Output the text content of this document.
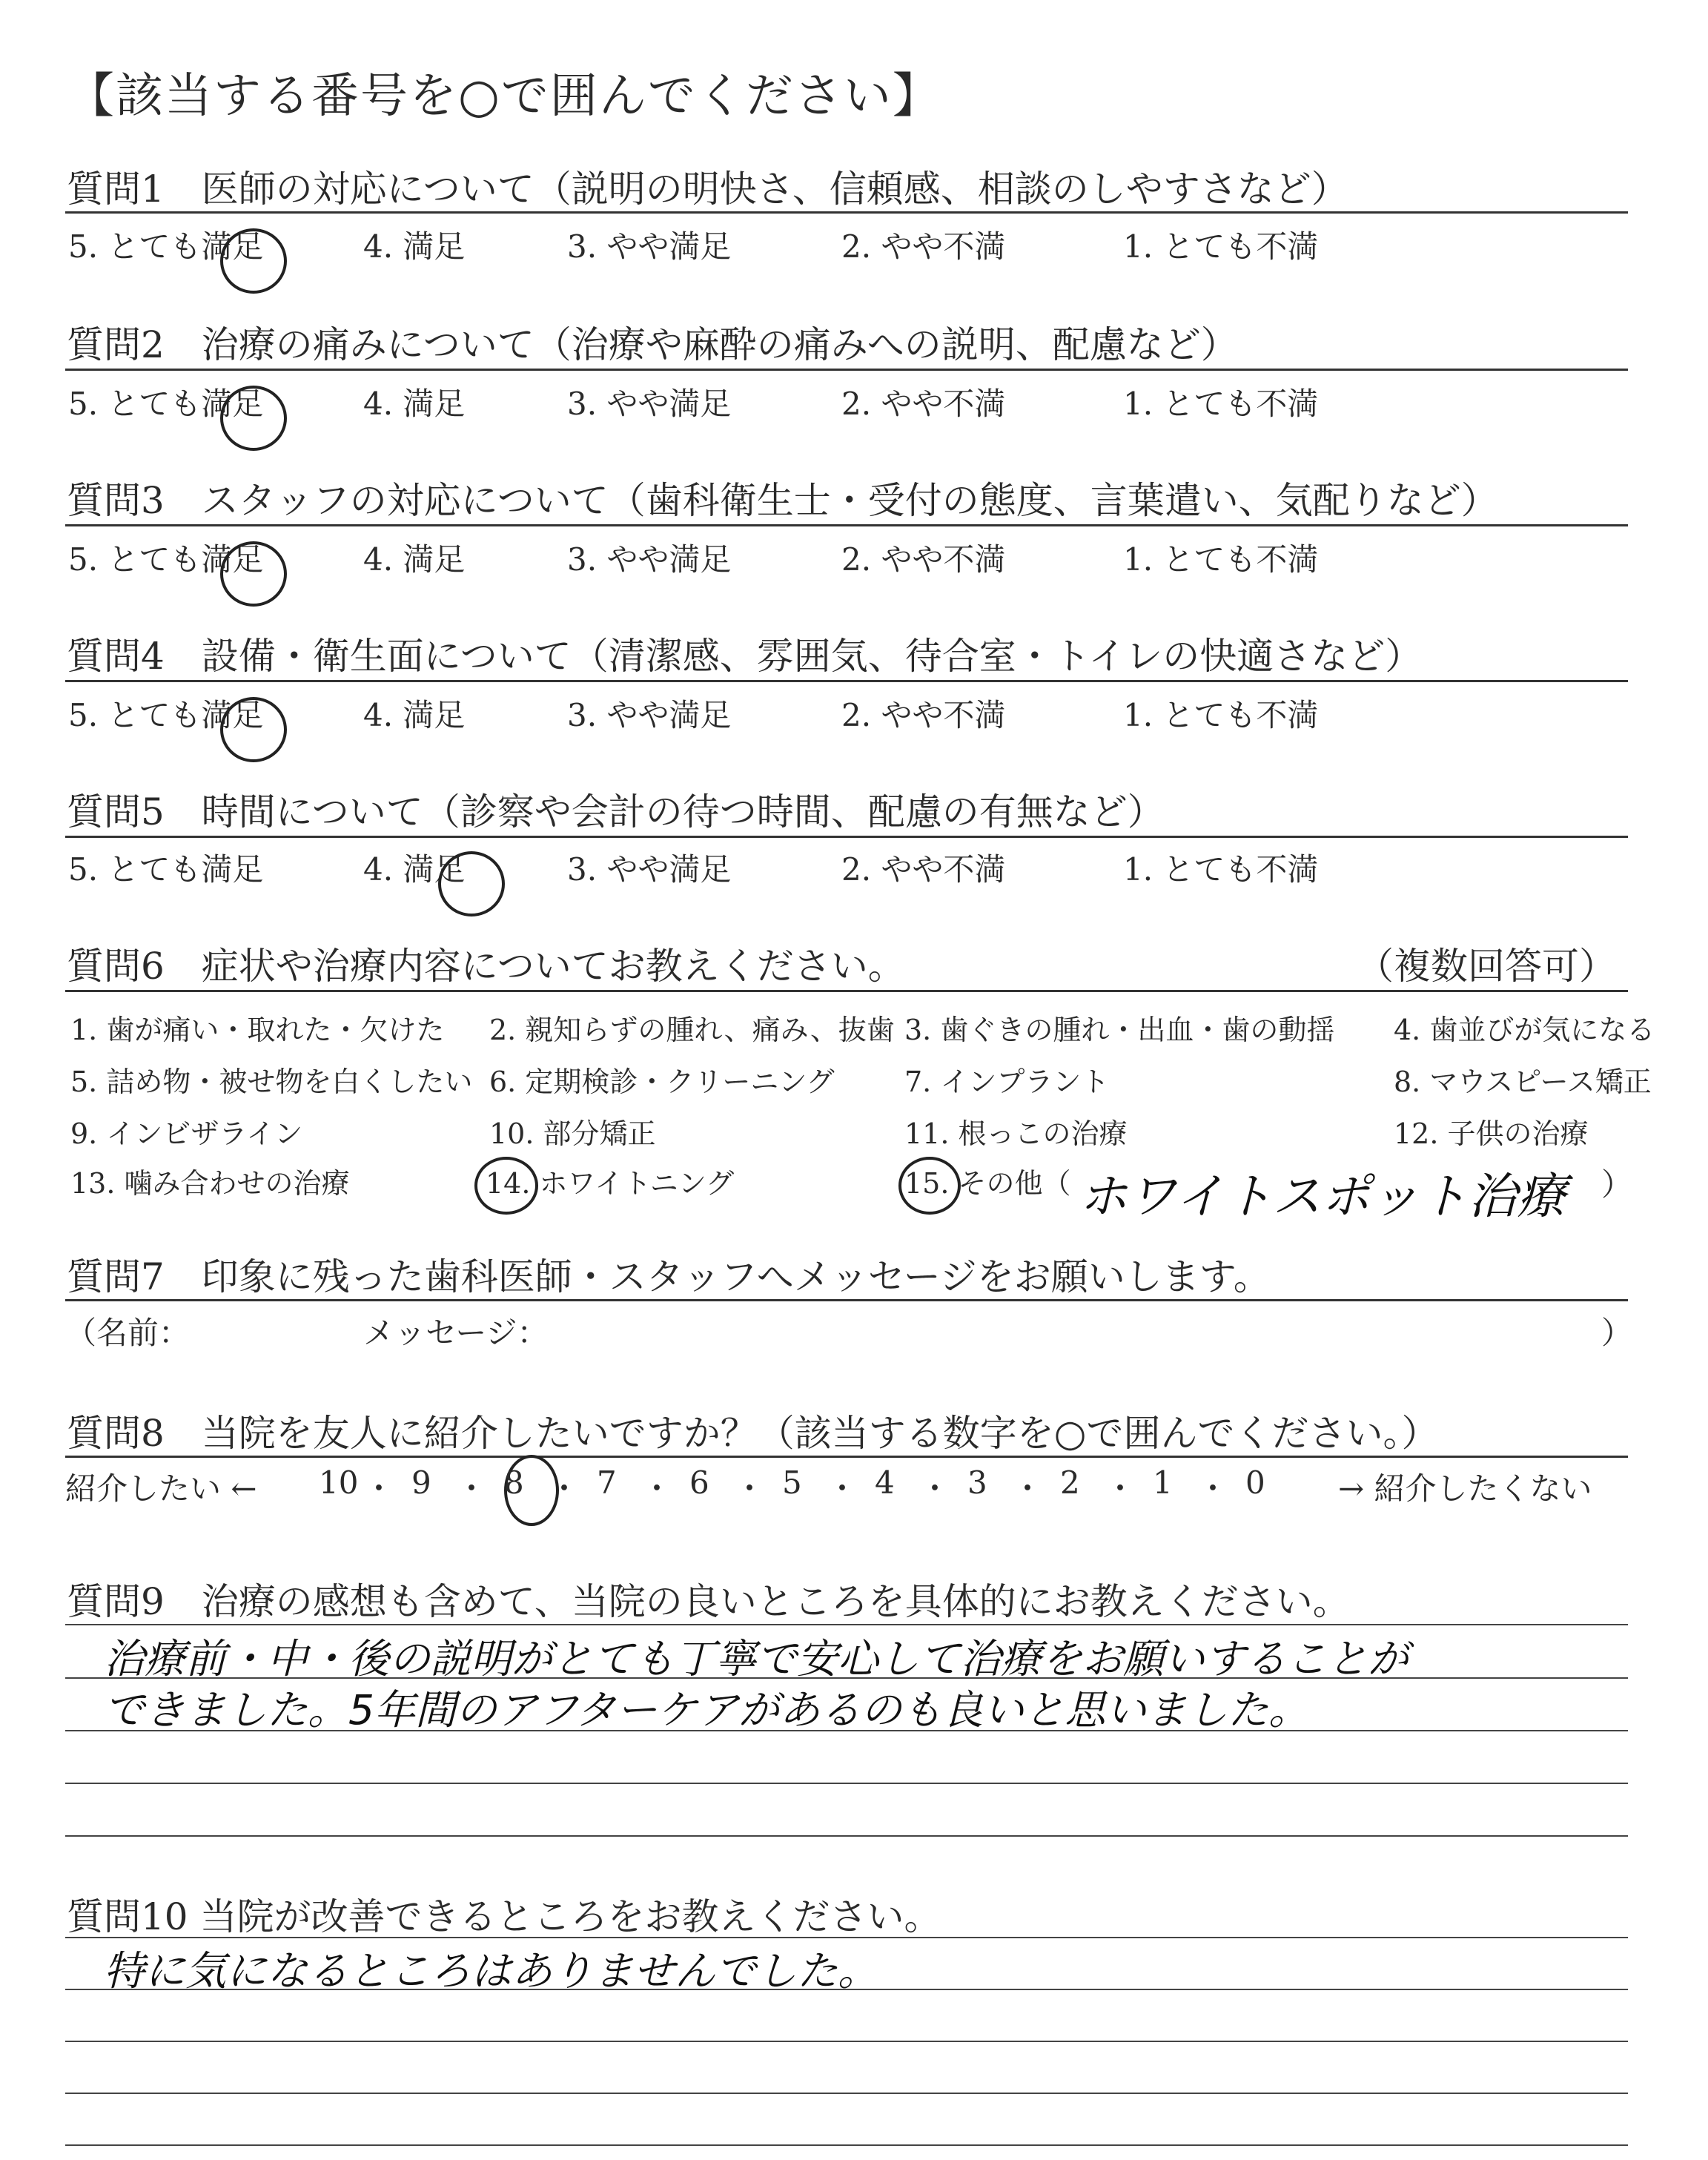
【該当する番号を○で囲んでください】
質問1　医師の対応について（説明の明快さ、信頼感、相談のしやすさなど）
質問2　治療の痛みについて（治療や麻酔の痛みへの説明、配慮など）
質問3　スタッフの対応について（歯科衛生士・受付の態度、言葉遣い、気配りなど）
質問4　設備・衛生面について（清潔感、雰囲気、待合室・トイレの快適さなど）
質問5　時間について（診察や会計の待つ時間、配慮の有無など）
質問6　症状や治療内容についてお教えください。	（複数回答可）
ホワイトスポット治療 ）
質問7　印象に残った歯科医師・スタッフへメッセージをお願いします。
（名前：	メッセージ：	）
質問8　当院を友人に紹介したいですか？（該当する数字を○で囲んでください。）
紹介したい ←	→ 紹介したくない
質問9　治療の感想も含めて、当院の良いところを具体的にお教えください。
治療前・中・後の説明がとても丁寧で安心して治療をお願いすることが
できました。5年間のアフターケアがあるのも良いと思いました。
質問10 当院が改善できるところをお教えください。
特に気になるところはありませんでした。
5. とても満足	4. 満足	3. やや満足	2. やや不満	1. とても不満
5. とても満足	4. 満足	3. やや満足	2. やや不満	1. とても不満
5. とても満足	4. 満足	3. やや満足	2. やや不満	1. とても不満
5. とても満足	4. 満足	3. やや満足	2. やや不満	1. とても不満
5. とても満足	4. 満足	3. やや満足	2. やや不満	1. とても不満
1. 歯が痛い・取れた・欠けた 2. 親知らずの腫れ、痛み、抜歯 3. 歯ぐきの腫れ・出血・歯の動揺 4. 歯並びが気になる
5. 詰め物・被せ物を白くしたい 6. 定期検診・クリーニング 7. インプラント	8. マウスピース矯正
9. インビザライン	10. 部分矯正	11. 根っこの治療	12. 子供の治療
13. 噛み合わせの治療	14. ホワイトニング	15. その他（
10 ・ 9 ・ 8 ・ 7 ・ 6 ・ 5 ・ 4 ・ 3 ・ 2 ・ 1 ・ 0
